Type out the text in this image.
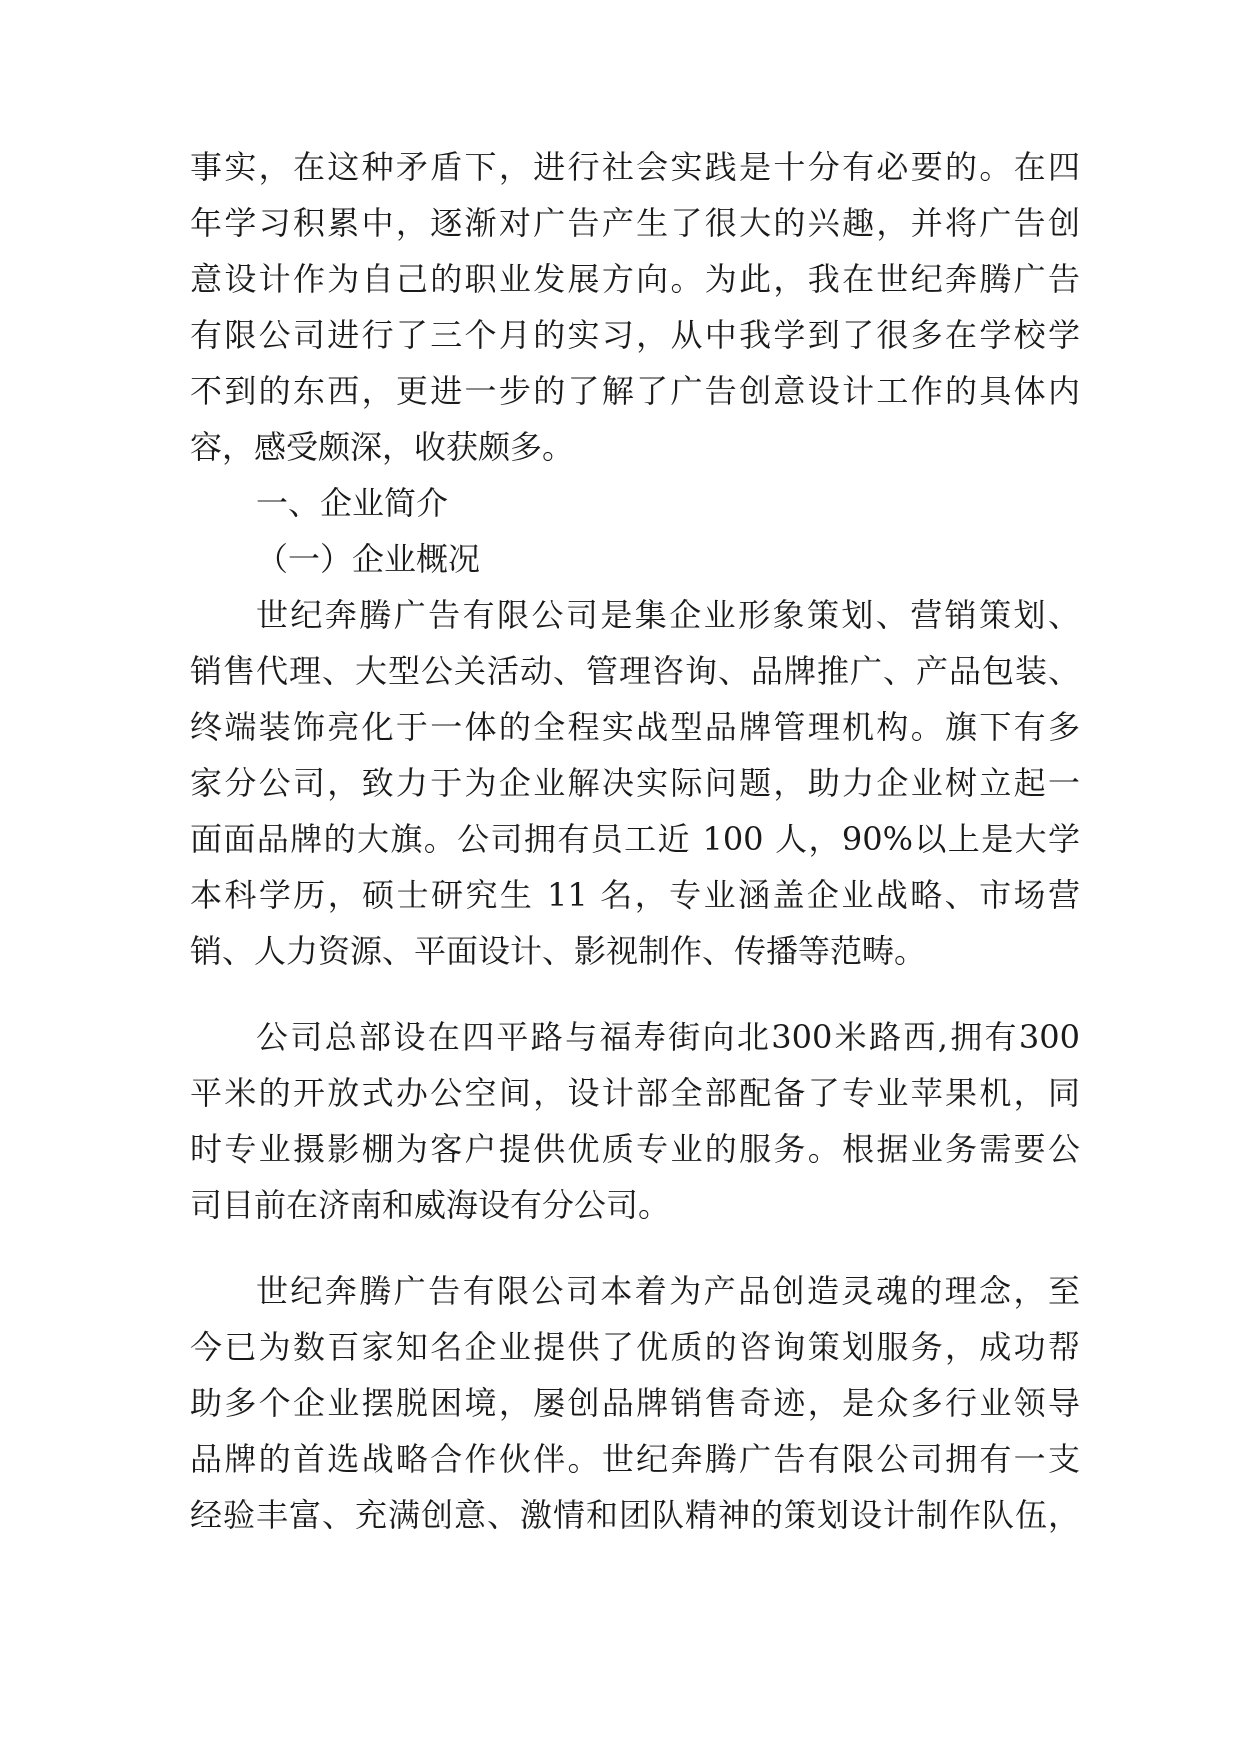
事实，在这种矛盾下，进行社会实践是十分有必要的。在四
年学习积累中，逐渐对广告产生了很大的兴趣，并将广告创
意设计作为自己的职业发展方向。为此，我在世纪奔腾广告
有限公司进行了三个月的实习，从中我学到了很多在学校学
不到的东西，更进一步的了解了广告创意设计工作的具体内
容，感受颇深，收获颇多。
一、企业简介
（一）企业概况
世纪奔腾广告有限公司是集企业形象策划、营销策划、
销售代理、大型公关活动、管理咨询、品牌推广、产品包装、
终端装饰亮化于一体的全程实战型品牌管理机构。旗下有多
家分公司，致力于为企业解决实际问题，助力企业树立起一
面面品牌的大旗。公司拥有员工近 100 人，90%以上是大学
本科学历，硕士研究生 11 名，专业涵盖企业战略、市场营
销、人力资源、平面设计、影视制作、传播等范畴。
公司总部设在四平路与福寿街向北300米路西,拥有300
平米的开放式办公空间，设计部全部配备了专业苹果机，同
时专业摄影棚为客户提供优质专业的服务。根据业务需要公
司目前在济南和威海设有分公司。
世纪奔腾广告有限公司本着为产品创造灵魂的理念，至
今已为数百家知名企业提供了优质的咨询策划服务，成功帮
助多个企业摆脱困境，屡创品牌销售奇迹，是众多行业领导
品牌的首选战略合作伙伴。世纪奔腾广告有限公司拥有一支
经验丰富、充满创意、激情和团队精神的策划设计制作队伍，
